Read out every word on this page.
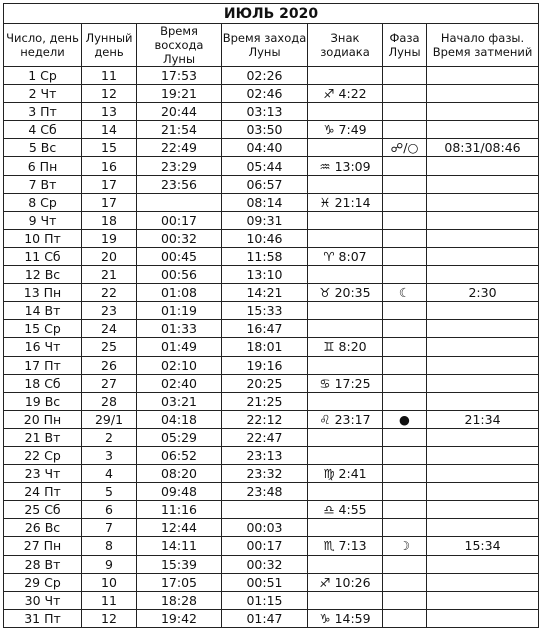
ИЮЛЬ 2020						
Число, день недели	Лунный день	Время восхода Луны	Время захода Луны	Знак зодиака	Фаза Луны	Начало фазы. Время затмений
1 Ср	11	17:53	02:26			
2 Чт	12	19:21	02:46	♐ 4:22		
3 Пт	13	20:44	03:13			
4 Сб	14	21:54	03:50	♑ 7:49		
5 Вс	15	22:49	04:40		☍/○	08:31/08:46
6 Пн	16	23:29	05:44	♒ 13:09		
7 Вт	17	23:56	06:57			
8 Ср	17		08:14	♓ 21:14		
9 Чт	18	00:17	09:31			
10 Пт	19	00:32	10:46			
11 Сб	20	00:45	11:58	♈ 8:07		
12 Вс	21	00:56	13:10			
13 Пн	22	01:08	14:21	♉ 20:35	☾	2:30
14 Вт	23	01:19	15:33			
15 Ср	24	01:33	16:47			
16 Чт	25	01:49	18:01	♊ 8:20		
17 Пт	26	02:10	19:16			
18 Сб	27	02:40	20:25	♋ 17:25		
19 Вс	28	03:21	21:25			
20 Пн	29/1	04:18	22:12	♌ 23:17	●	21:34
21 Вт	2	05:29	22:47			
22 Ср	3	06:52	23:13			
23 Чт	4	08:20	23:32	♍ 2:41		
24 Пт	5	09:48	23:48			
25 Сб	6	11:16		♎ 4:55		
26 Вс	7	12:44	00:03			
27 Пн	8	14:11	00:17	♏ 7:13	☽	15:34
28 Вт	9	15:39	00:32			
29 Ср	10	17:05	00:51	♐ 10:26		
30 Чт	11	18:28	01:15			
31 Пт	12	19:42	01:47	♑ 14:59		
